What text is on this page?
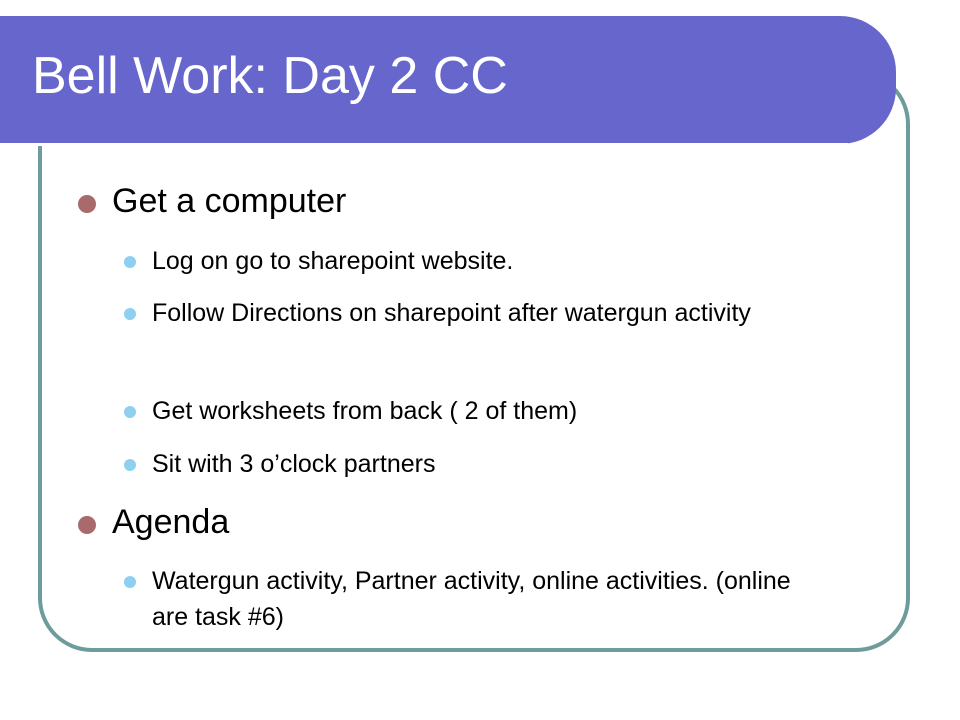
Bell Work: Day 2 CC
Get a computer
Log on go to sharepoint website.
Follow Directions on sharepoint after watergun activity
Get worksheets from back ( 2 of them)
Sit with 3 o’clock partners
Agenda
Watergun activity, Partner activity, online activities. (online are task #6)
